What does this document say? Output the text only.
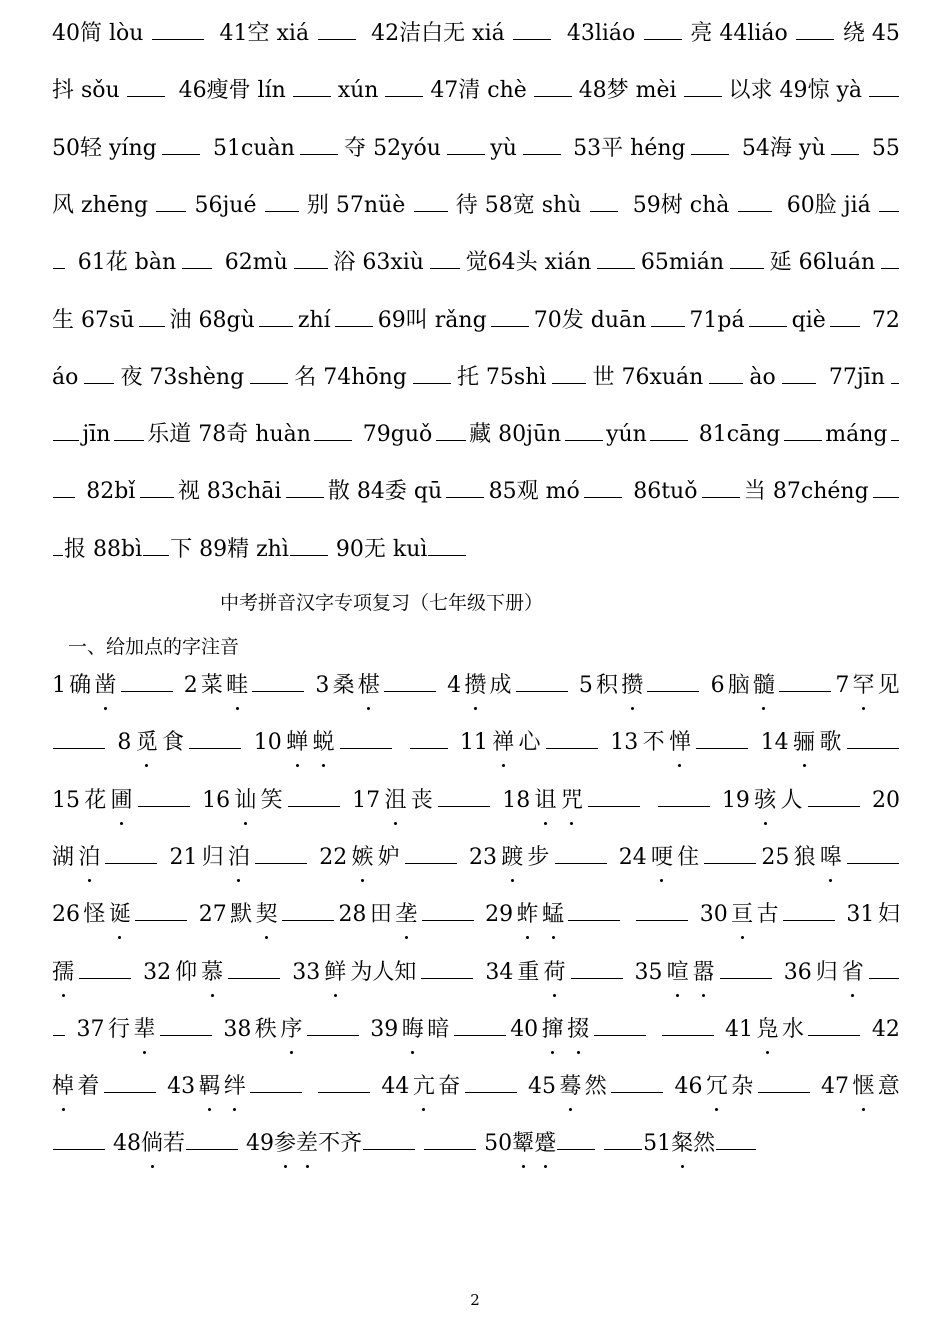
40简 lòu	41空 xiá	42洁白无 xiá	43liáo	亮 44liáo	绕 45
抖 sǒu 46瘦骨 lín xún 47清 chè 48梦 mèi 以求 49惊 yà
50轻 yíng 51cuàn 夺 52yóu yù 53平 héng 54海 yù 55
风 zhēng 56jué 别 57nüè 待 58宽 shù 59树 chà 60脸 jiá
61花 bàn 62mù 浴 63xiù 觉64头 xián 65mián 延 66luán
生 67sū 油 68gù zhí 69叫 rǎng 70发 duān 71pá qiè 72
áo 夜 73shèng 名 74hōng 托 75shì 世 76xuán ào 77jīn
jīn 乐道 78奇 huàn 79guǒ 藏 80jūn yún 81cāng máng
82bǐ 视 83chāi 散 84委 qū 85观 mó 86tuǒ 当 87chéng
报 88bì 下 89精 zhì 90无 kuì
中考拼音汉字专项复习（七年级下册）
一、给加点的字注音
1 确 凿	2 菜 畦	3 桑 椹	4 攒 成	5 积 攒	6 脑 髓	7 罕 见
8 觅 食	10 蝉 蜕
	11 禅 心	13 不 惮	14 骊 歌
15 花 圃	16 讪 笑	17 沮 丧	18 诅 咒
	19 骇 人	20
湖 泊	21 归 泊	22 嫉 妒	23 踱 步	24 哽 住	25 狼 嗥
26 怪 诞	27 默 契	28 田 垄	29 蚱 蜢
	30 亘 古	31 妇
孺	32 仰 慕	33 鲜 为人知	34 重 荷	35 喧 嚣	36 归 省
37 行 辈	38 秩 序	39 晦 暗	40 撺 掇
	41 凫 水	42
棹 着	43 羁 绊
	44 亢 奋	45 蓦 然	46 冗 杂	47 惬 意
48倘若 49参差不齐	50颦蹙	51粲然
2
